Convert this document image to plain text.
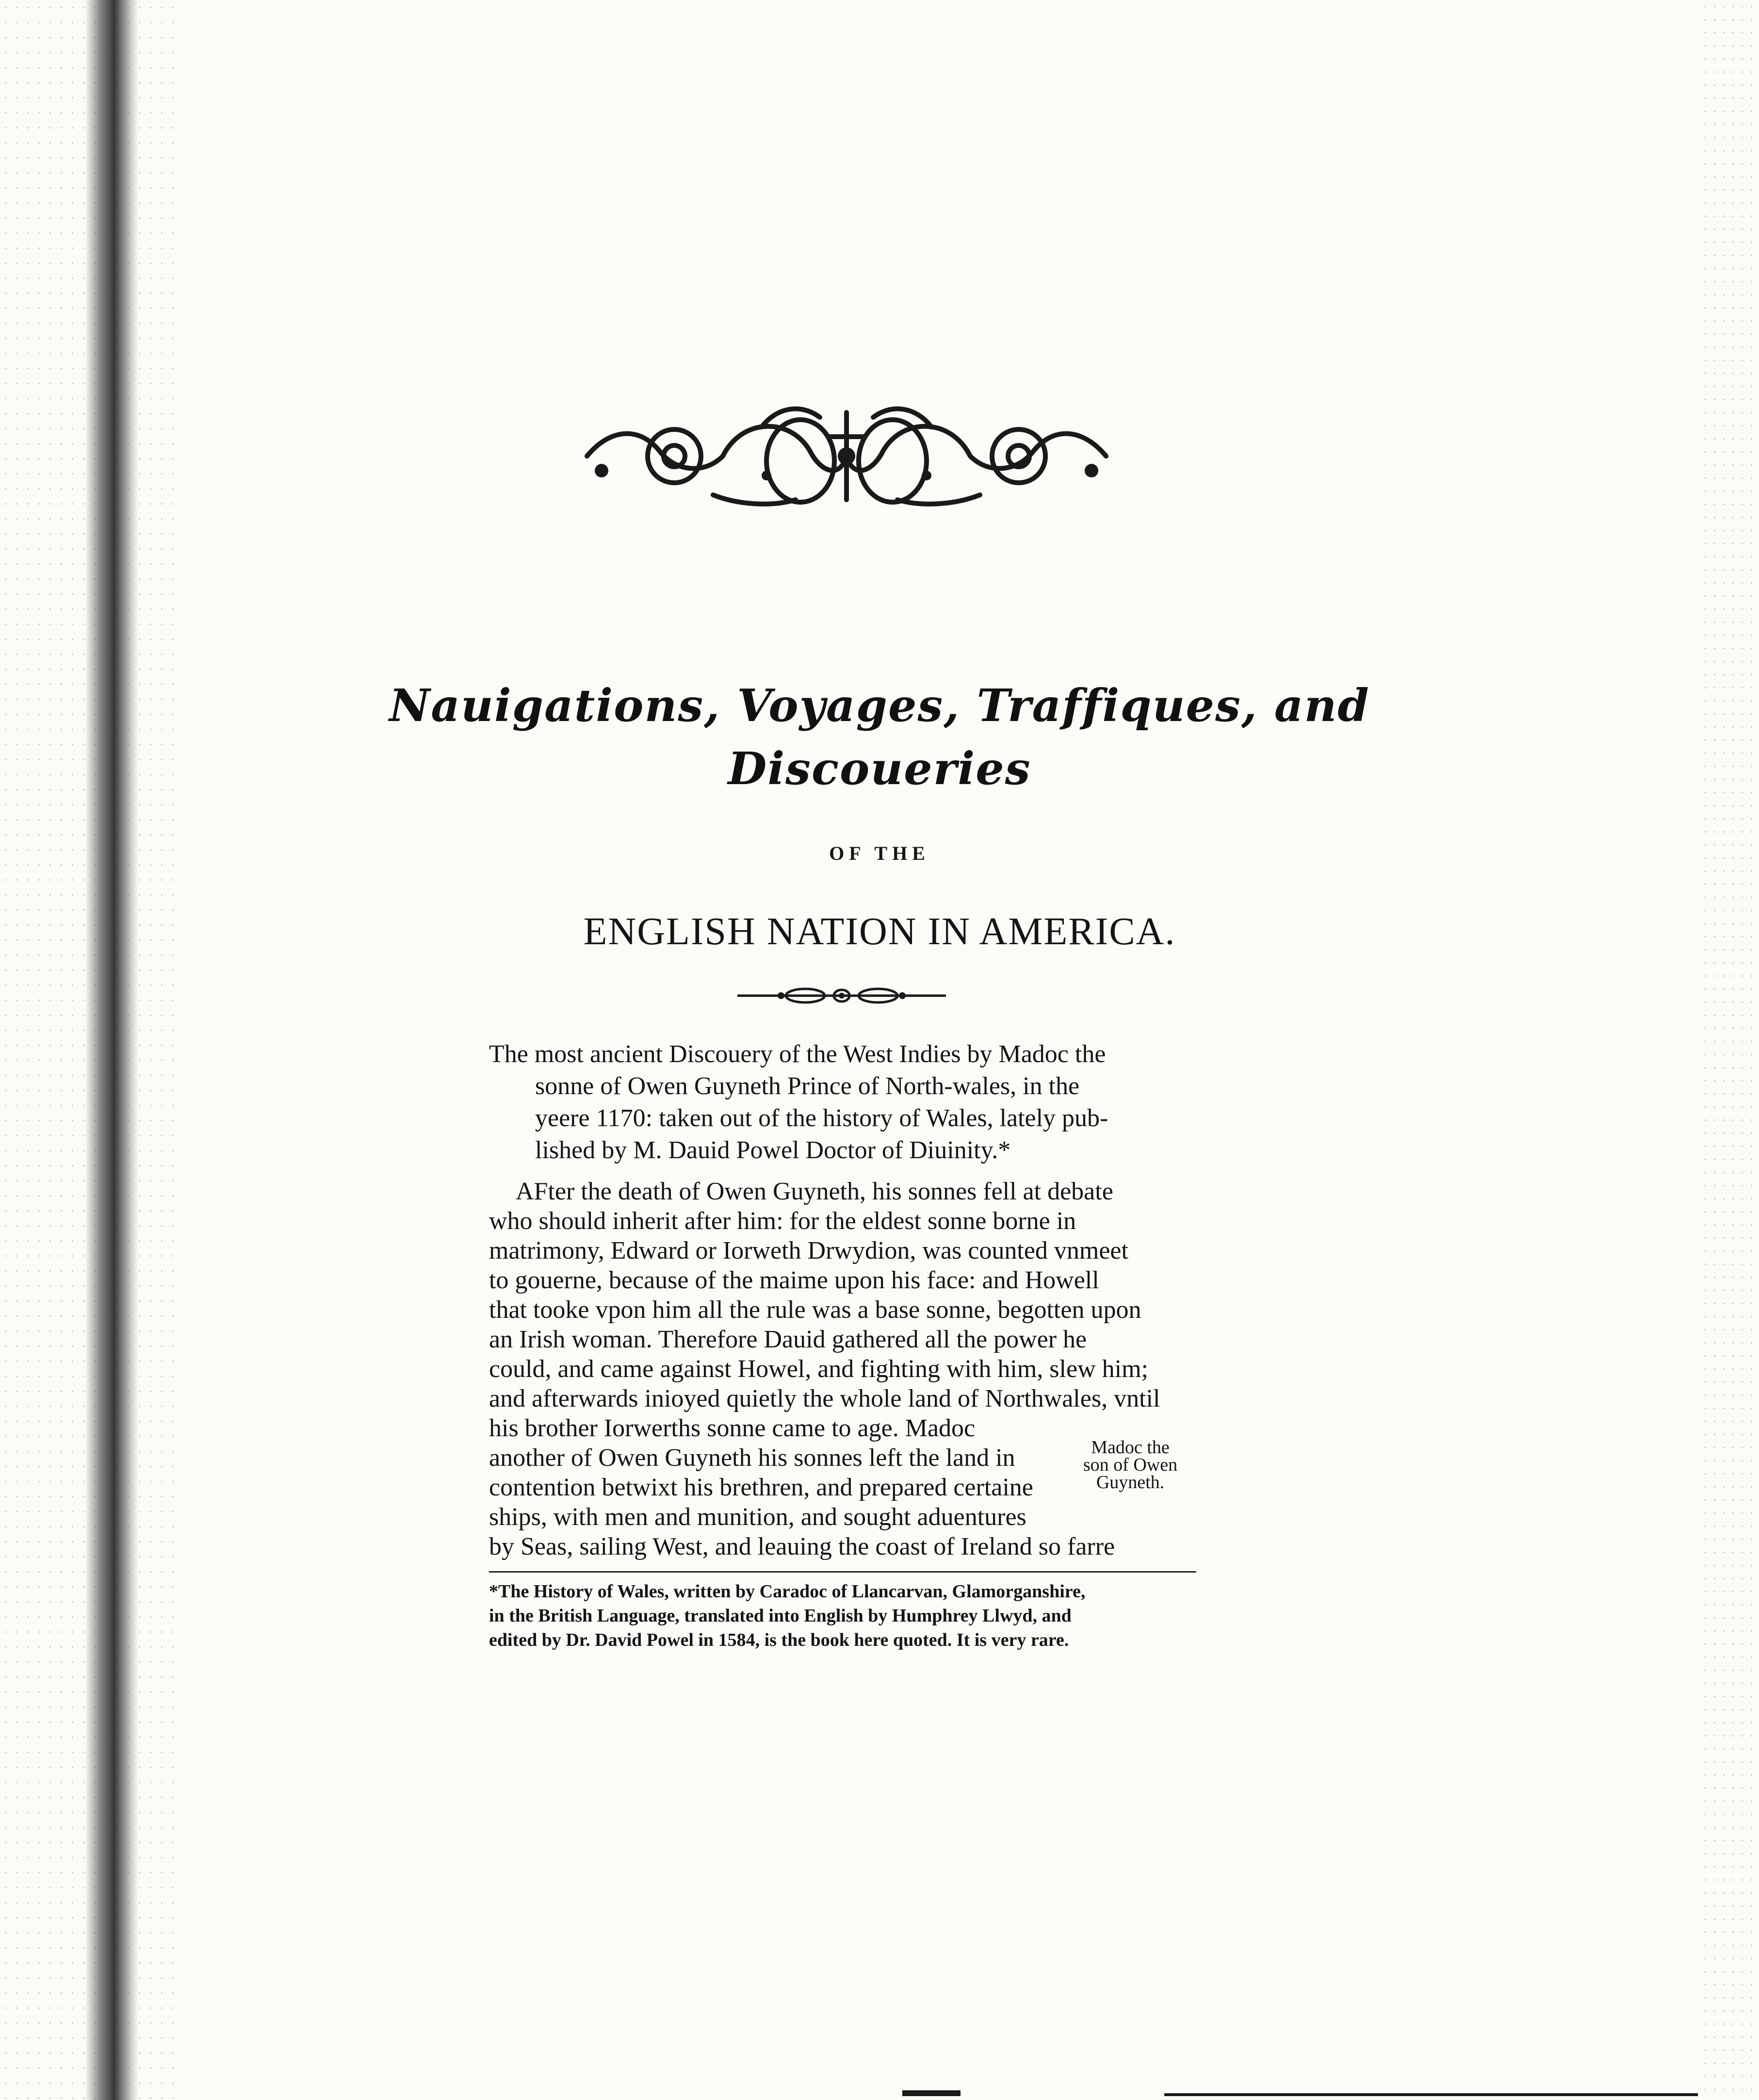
Nauigations, Voyages, Traffiques, and
Discoueries
OF THE
ENGLISH NATION IN AMERICA.
The most ancient Discouery of the West Indies by Madoc the
sonne of Owen Guyneth Prince of North-wales, in the
yeere 1170: taken out of the history of Wales, lately pub-
lished by M. Dauid Powel Doctor of Diuinity.*
AFter the death of Owen Guyneth, his sonnes fell at debate
who should inherit after him: for the eldest sonne borne in
matrimony, Edward or Iorweth Drwydion, was counted vnmeet
to gouerne, because of the maime upon his face: and Howell
that tooke vpon him all the rule was a base sonne, begotten upon
an Irish woman. Therefore Dauid gathered all the power he
could, and came against Howel, and fighting with him, slew him;
and afterwards inioyed quietly the whole land of Northwales, vntil
his brother Iorwerths sonne came to age. Madoc
another of Owen Guyneth his sonnes left the land in
contention betwixt his brethren, and prepared certaine
ships, with men and munition, and sought aduentures
by Seas, sailing West, and leauing the coast of Ireland so farre
Madoc the
son of Owen
Guyneth.
*The History of Wales, written by Caradoc of Llancarvan, Glamorganshire,
in the British Language, translated into English by Humphrey Llwyd, and
edited by Dr. David Powel in 1584, is the book here quoted. It is very rare.
